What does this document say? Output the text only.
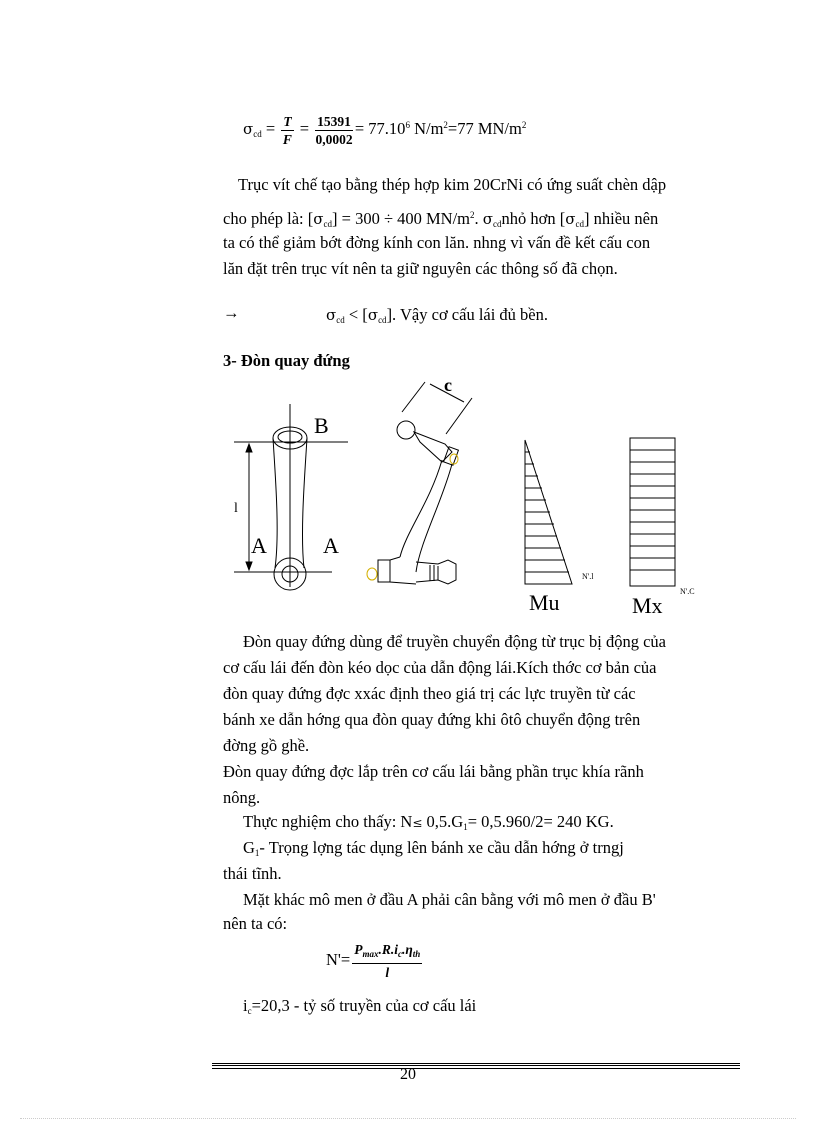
$\sigma_{cd} = \frac{T}{F} = \frac{15391}{0,0002} = 77.10^6$ $N/m^2=77$ $MN/m^2$
Trục vít chế tạo bằng thép hợp kim 20CrNi có ứng suất chèn dập
cho phép là: $[\sigma_{cd}] = 300 \div 400$ $MN/m^2$. $\sigma_{cd}nhỏ$ hơn $[\sigma_{cd}]$ nhiều nên
ta có thể giảm bớt đờng kính con lăn. nhng vì vấn đề kết cấu con
lăn đặt trên trục vít nên ta giữ nguyên các thông số đã chọn.
→	$\sigma_{cd} < [\sigma_{cd}]$. Vậy cơ cấu lái đủ bền.
3- Đòn quay đứng
B
l
A	A
c
N'.l
Mu	N'.C
Mx
Đòn quay đứng dùng để truyền chuyển động từ trục bị động của
cơ cấu lái đến đòn kéo dọc của dẫn động lái.Kích thớc cơ bản của
đòn quay đứng đợc xxác định theo giá trị các lực truyền từ các
bánh xe dẫn hớng qua đòn quay đứng khi ôtô chuyển động trên
đờng gồ ghề.
Đòn quay đứng đợc lắp trên cơ cấu lái bằng phần trục khía rãnh
nông.
Thực nghiệm cho thấy: $N\le 0,5.G_1= 0,5.960/2= 240$ KG.
$G_1-$ Trọng lợng tác dụng lên bánh xe cầu dẫn hớng ở trngj
thái tĩnh.
Mặt khác mô men ở đầu A phải cân bằng với mô men ở đầu B'
nên ta có:
$N'= \frac{P_{max}.R.i_c.\eta_{th}}{l}$
$i_c=20,3$ - tỷ số truyền của cơ cấu lái
20
